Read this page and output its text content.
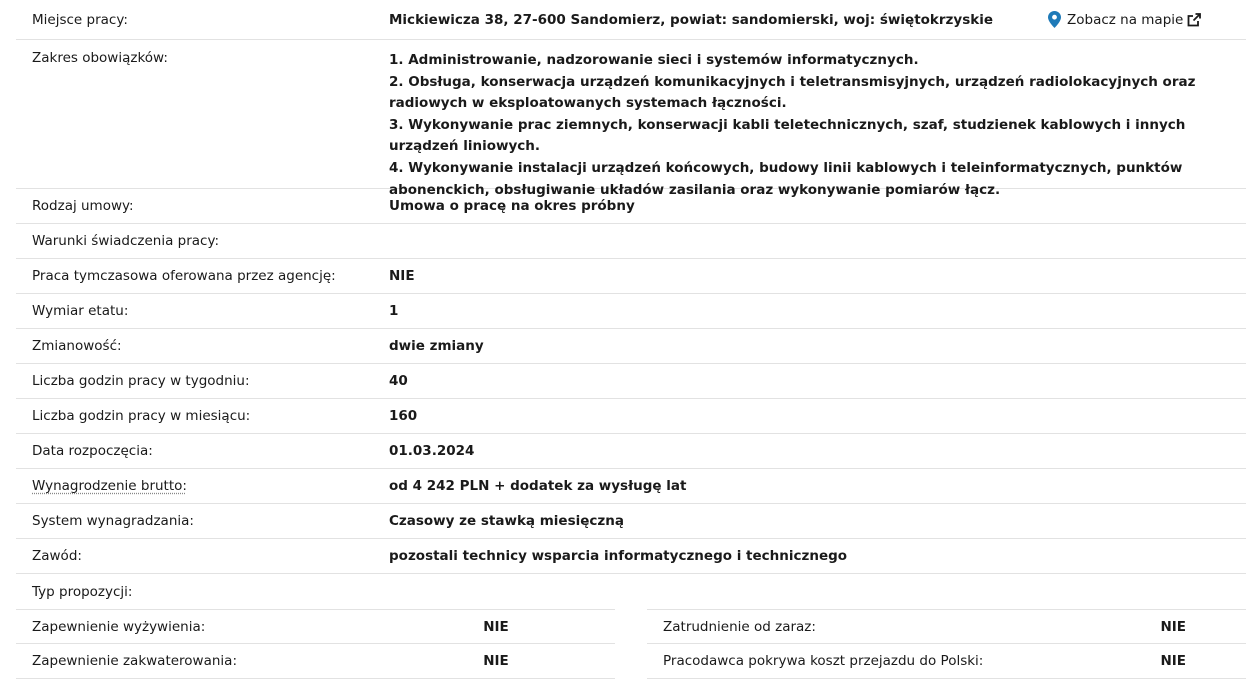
Miejsce pracy:	Mickiewicza 38, 27-600 Sandomierz, powiat: sandomierski, woj: świętokrzyskie	Zobacz na mapie
Zakres obowiązków:	1. Administrowanie, nadzorowanie sieci i systemów informatycznych.
2. Obsługa, konserwacja urządzeń komunikacyjnych i teletransmisyjnych, urządzeń radiolokacyjnych oraz radiowych w eksploatowanych systemach łączności.
3. Wykonywanie prac ziemnych, konserwacji kabli teletechnicznych, szaf, studzienek kablowych i innych urządzeń liniowych.
4. Wykonywanie instalacji urządzeń końcowych, budowy linii kablowych i teleinformatycznych, punktów abonenckich, obsługiwanie układów zasilania oraz wykonywanie pomiarów łącz.
Rodzaj umowy:	Umowa o pracę na okres próbny
Warunki świadczenia pracy:
Praca tymczasowa oferowana przez agencję:	NIE
Wymiar etatu:	1
Zmianowość:	dwie zmiany
Liczba godzin pracy w tygodniu:	40
Liczba godzin pracy w miesiącu:	160
Data rozpoczęcia:	01.03.2024
Wynagrodzenie brutto:	od 4 242 PLN + dodatek za wysługę lat
System wynagradzania:	Czasowy ze stawką miesięczną
Zawód:	pozostali technicy wsparcia informatycznego i technicznego
Typ propozycji:
Zapewnienie wyżywienia:	NIE
Zapewnienie zakwaterowania:	NIE
Zatrudnienie od zaraz:	NIE
Pracodawca pokrywa koszt przejazdu do Polski:	NIE
